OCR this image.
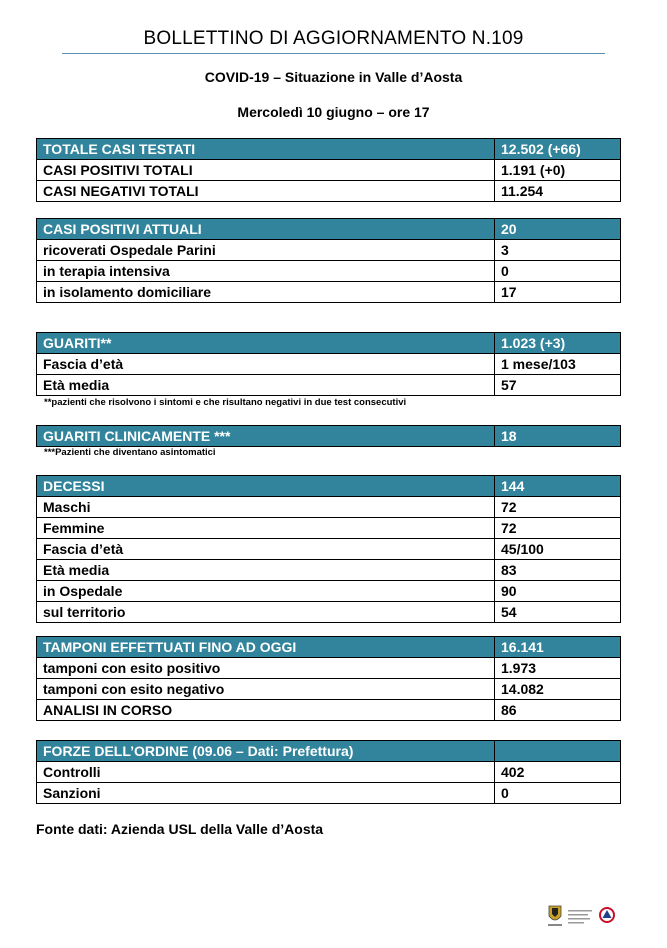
BOLLETTINO DI AGGIORNAMENTO N.109
COVID-19 – Situazione in Valle d’Aosta
Mercoledì 10 giugno – ore 17
TOTALE CASI TESTATI	12.502 (+66)
CASI POSITIVI TOTALI	1.191 (+0)
CASI NEGATIVI TOTALI	11.254
CASI POSITIVI ATTUALI	20
ricoverati Ospedale Parini	3
in terapia intensiva	0
in isolamento domiciliare	17
GUARITI**	1.023 (+3)
Fascia d’età	1 mese/103
Età media	57
**pazienti che risolvono i sintomi e che risultano negativi in due test consecutivi
GUARITI CLINICAMENTE ***	18
***Pazienti che diventano asintomatici
DECESSI	144
Maschi	72
Femmine	72
Fascia d’età	45/100
Età media	83
in Ospedale	90
sul territorio	54
TAMPONI EFFETTUATI FINO AD OGGI	16.141
tamponi con esito positivo	1.973
tamponi con esito negativo	14.082
ANALISI IN CORSO	86
FORZE DELL’ORDINE (09.06 – Dati: Prefettura)	
Controlli	402
Sanzioni	0
Fonte dati: Azienda USL della Valle d’Aosta
